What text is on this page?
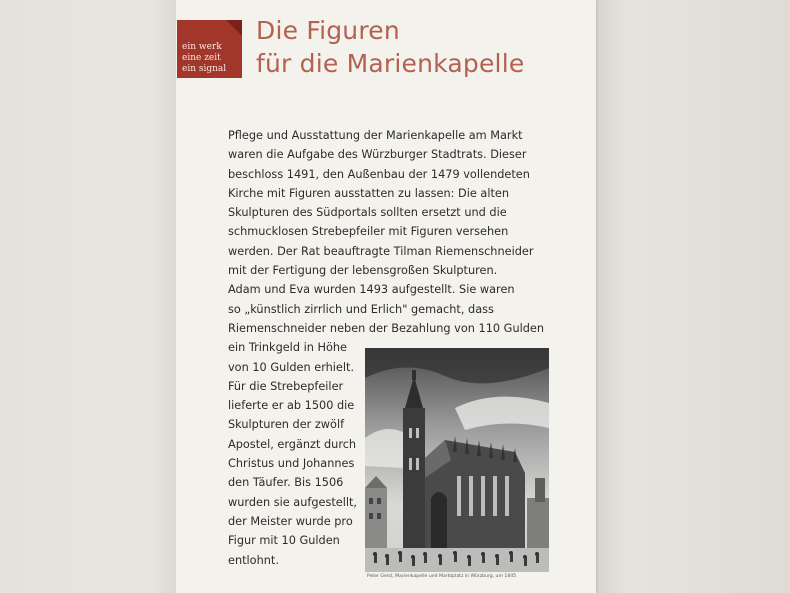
ein werk
eine zeit
ein signal
Die Figuren
für die Marienkapelle
Pflege und Ausstattung der Marienkapelle am Markt
waren die Aufgabe des Würzburger Stadtrats. Dieser
beschloss 1491, den Außenbau der 1479 vollendeten
Kirche mit Figuren ausstatten zu lassen: Die alten
Skulpturen des Südportals sollten ersetzt und die
schmucklosen Strebepfeiler mit Figuren versehen
werden. Der Rat beauftragte Tilman Riemenschneider
mit der Fertigung der lebensgroßen Skulpturen.
Adam und Eva wurden 1493 aufgestellt. Sie waren
so „künstlich zirrlich und Erlich" gemacht, dass
Riemenschneider neben der Bezahlung von 110 Gulden
ein Trinkgeld in Höhe
von 10 Gulden erhielt.
Für die Strebepfeiler
lieferte er ab 1500 die
Skulpturen der zwölf
Apostel, ergänzt durch
Christus und Johannes
den Täufer. Bis 1506
wurden sie aufgestellt,
der Meister wurde pro
Figur mit 10 Gulden
entlohnt.
Peter Geist, Marienkapelle und Marktplatz in Würzburg, um 1845
